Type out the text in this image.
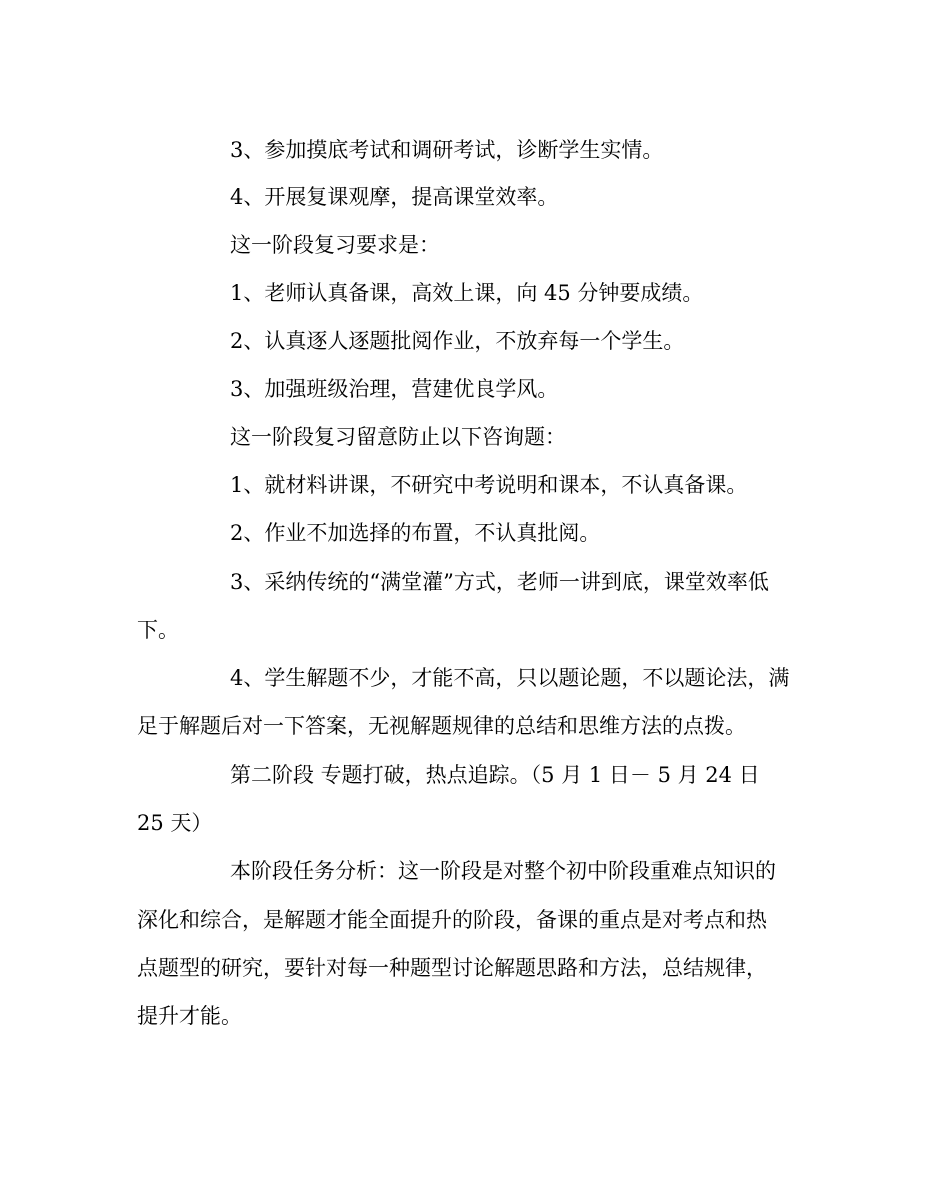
3、参加摸底考试和调研考试，诊断学生实情。
4、开展复课观摩，提高课堂效率。
这一阶段复习要求是：
1、老师认真备课，高效上课，向 45 分钟要成绩。
2、认真逐人逐题批阅作业，不放弃每一个学生。
3、加强班级治理，营建优良学风。
这一阶段复习留意防止以下咨询题：
1、就材料讲课，不研究中考说明和课本，不认真备课。
2、作业不加选择的布置，不认真批阅。
3、采纳传统的“满堂灌”方式，老师一讲到底，课堂效率低
下。
4、学生解题不少，才能不高，只以题论题，不以题论法，满
足于解题后对一下答案，无视解题规律的总结和思维方法的点拨。
第二阶段 专题打破，热点追踪。（5 月 1 日－ 5 月 24 日
25 天）
本阶段任务分析：这一阶段是对整个初中阶段重难点知识的
深化和综合，是解题才能全面提升的阶段，备课的重点是对考点和热
点题型的研究，要针对每一种题型讨论解题思路和方法，总结规律，
提升才能。
